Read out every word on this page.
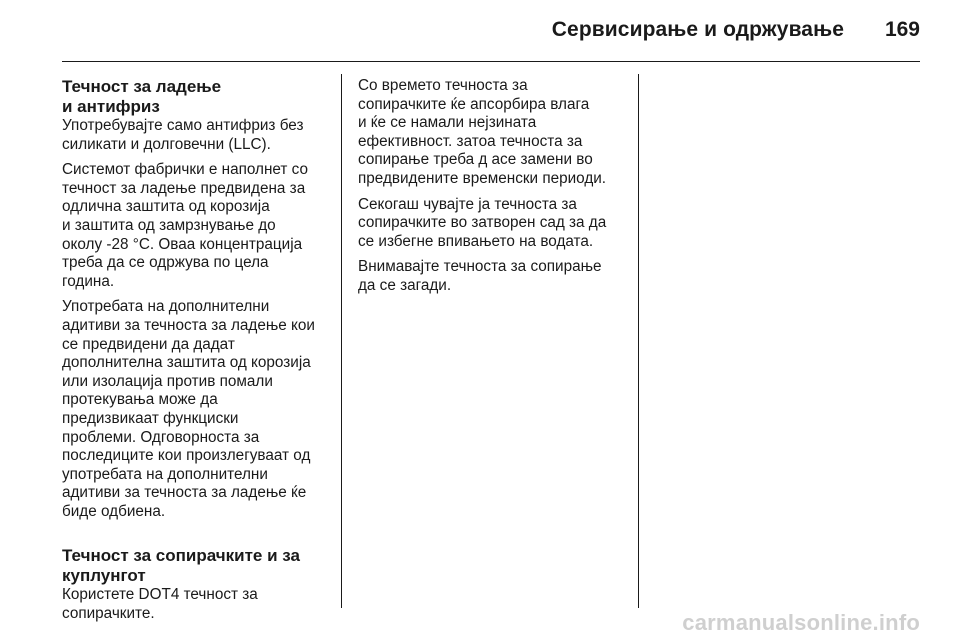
Сервисирање и одржување 169
Течност за ладење
и антифриз
Употребувајте само антифриз без
силикати и долговечни (LLC).
Системот фабрички е наполнет со
течност за ладење предвидена за
одлична заштита од корозија
и заштита од замрзнување до
околу -28 °C. Оваа концентрација
треба да се одржува по цела
година.
Употребата на дополнителни
адитиви за течноста за ладење кои
се предвидени да дадат
дополнителна заштита од корозија
или изолација против помали
протекувања може да
предизвикаат функциски
проблеми. Одговорноста за
последиците кои произлегуваат од
употребата на дополнителни
адитиви за течноста за ладење ќе
биде одбиена.
Течност за сопирачките и за
куплунгот
Користете DOT4 течност за
сопирачките.
Со времето течноста за
сопирачките ќе апсорбира влага
и ќе се намали нејзината
ефективност. затоа течноста за
сопирање треба д асе замени во
предвидените временски периоди.
Секогаш чувајте ја течноста за
сопирачките во затворен сад за да
се избегне впивањето на водата.
Внимавајте течноста за сопирање
да се загади.
carmanualsonline.info
